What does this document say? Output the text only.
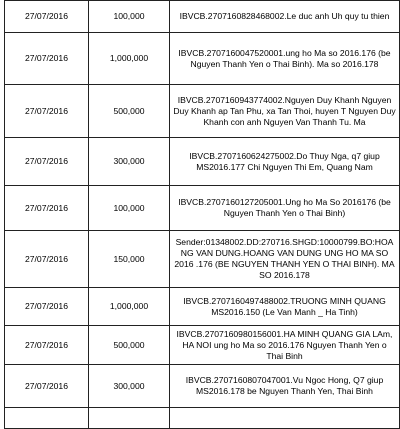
27/07/2016	100,000	IBVCB.2707160828468002.Le duc anh Uh quy tu thien
27/07/2016	1,000,000	IBVCB.2707160047520001.ung ho Ma so 2016.176 (be Nguyen Thanh Yen o Thai Binh). Ma so 2016.178
27/07/2016	500,000	IBVCB.2707160943774002.Nguyen Duy Khanh Nguyen Duy Khanh ap Tan Phu, xa Tan Thoi, huyen T Nguyen Duy Khanh con anh Nguyen Van Thanh Tu. Ma
27/07/2016	300,000	IBVCB.2707160624275002.Do Thuy Nga, q7 giup MS2016.177 Chi Nguyen Thi Em, Quang Nam
27/07/2016	100,000	IBVCB.2707160127205001.Ung ho Ma So 2016176 (be Nguyen Thanh Yen o Thai Binh)
27/07/2016	150,000	Sender:01348002.DD:270716.SHGD:10000799.BO:HOANG VAN DUNG.HOANG VAN DUNG UNG HO MA SO 2016 .176 (BE NGUYEN THANH YEN O THAI BINH). MA SO 2016.178
27/07/2016	1,000,000	IBVCB.2707160497488002.TRUONG MINH QUANG MS2016.150 (Le Van Manh _ Ha Tinh)
27/07/2016	500,000	IBVCB.2707160980156001.HA MINH QUANG GIA LAm, HA NOI ung ho Ma so 2016.176 Nguyen Thanh Yen o Thai Binh
27/07/2016	300,000	IBVCB.2707160807047001.Vu Ngoc Hong, Q7 giup MS2016.178 be Nguyen Thanh Yen, Thai Binh
